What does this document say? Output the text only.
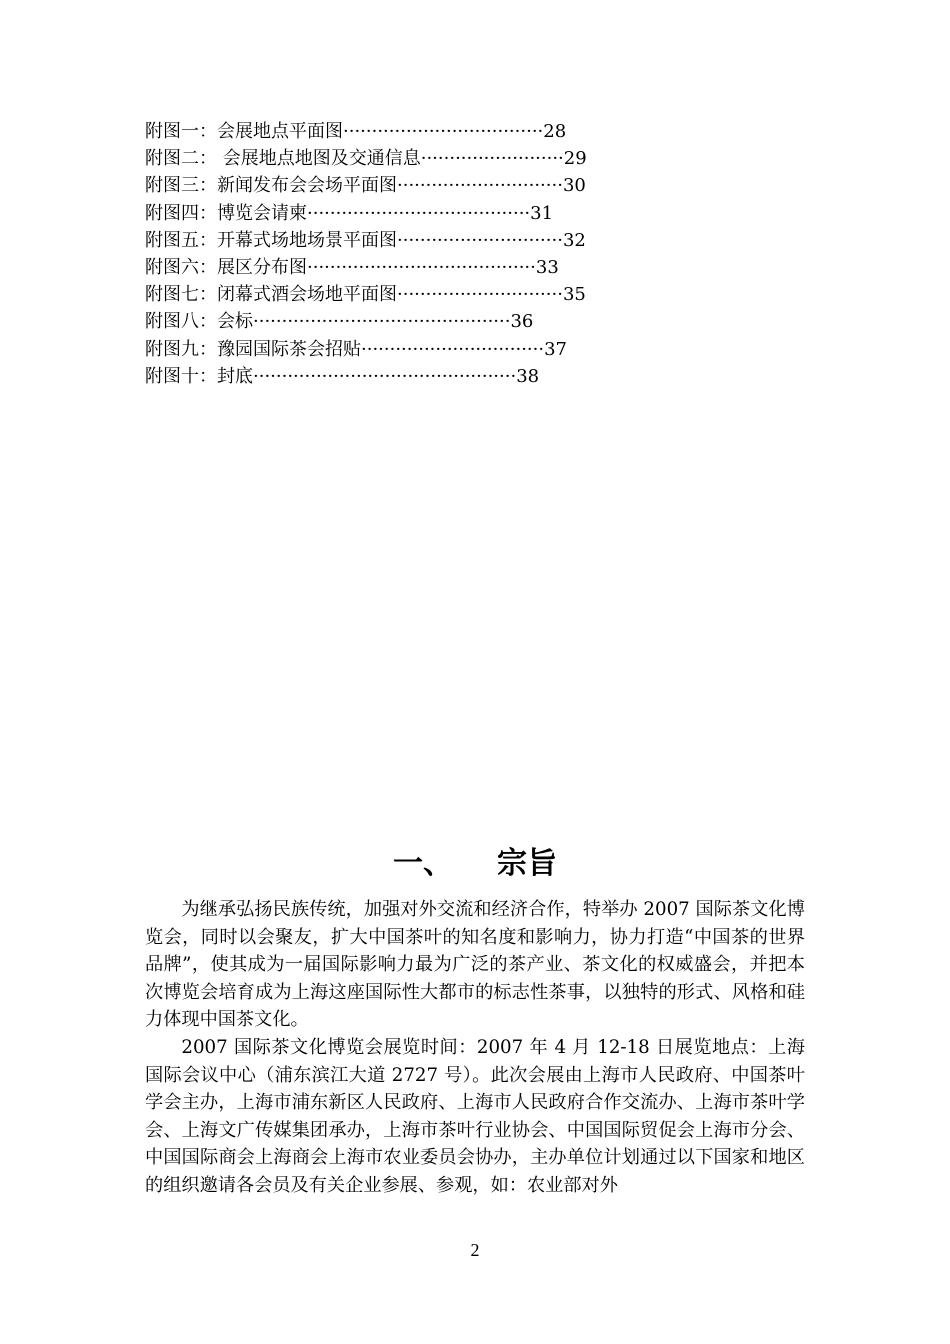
附图一：会展地点平面图···································28
附图二： 会展地点地图及交通信息·························29
附图三：新闻发布会会场平面图·····························30
附图四：博览会请柬·······································31
附图五：开幕式场地场景平面图·····························32
附图六：展区分布图········································33
附图七：闭幕式酒会场地平面图·····························35
附图八：会标·············································36
附图九：豫园国际茶会招贴································37
附图十：封底··············································38
一、 宗旨

为继承弘扬民族传统，加强对外交流和经济合作，特举办 2007 国际茶文化博览会，同时以会聚友，扩大中国茶叶的知名度和影响力，协力打造“中国茶的世界品牌”，使其成为一届国际影响力最为广泛的茶产业、茶文化的权威盛会，并把本次博览会培育成为上海这座国际性大都市的标志性茶事，以独特的形式、风格和硅力体现中国茶文化。

2007 国际茶文化博览会展览时间：2007 年 4 月 12-18 日展览地点：上海国际会议中心（浦东滨江大道 2727 号）。此次会展由上海市人民政府、中国茶叶学会主办，上海市浦东新区人民政府、上海市人民政府合作交流办、上海市茶叶学会、上海文广传媒集团承办，上海市茶叶行业协会、中国国际贸促会上海市分会、中国国际商会上海商会上海市农业委员会协办，主办单位计划通过以下国家和地区的组织邀请各会员及有关企业参展、参观，如：农业部对外

2
